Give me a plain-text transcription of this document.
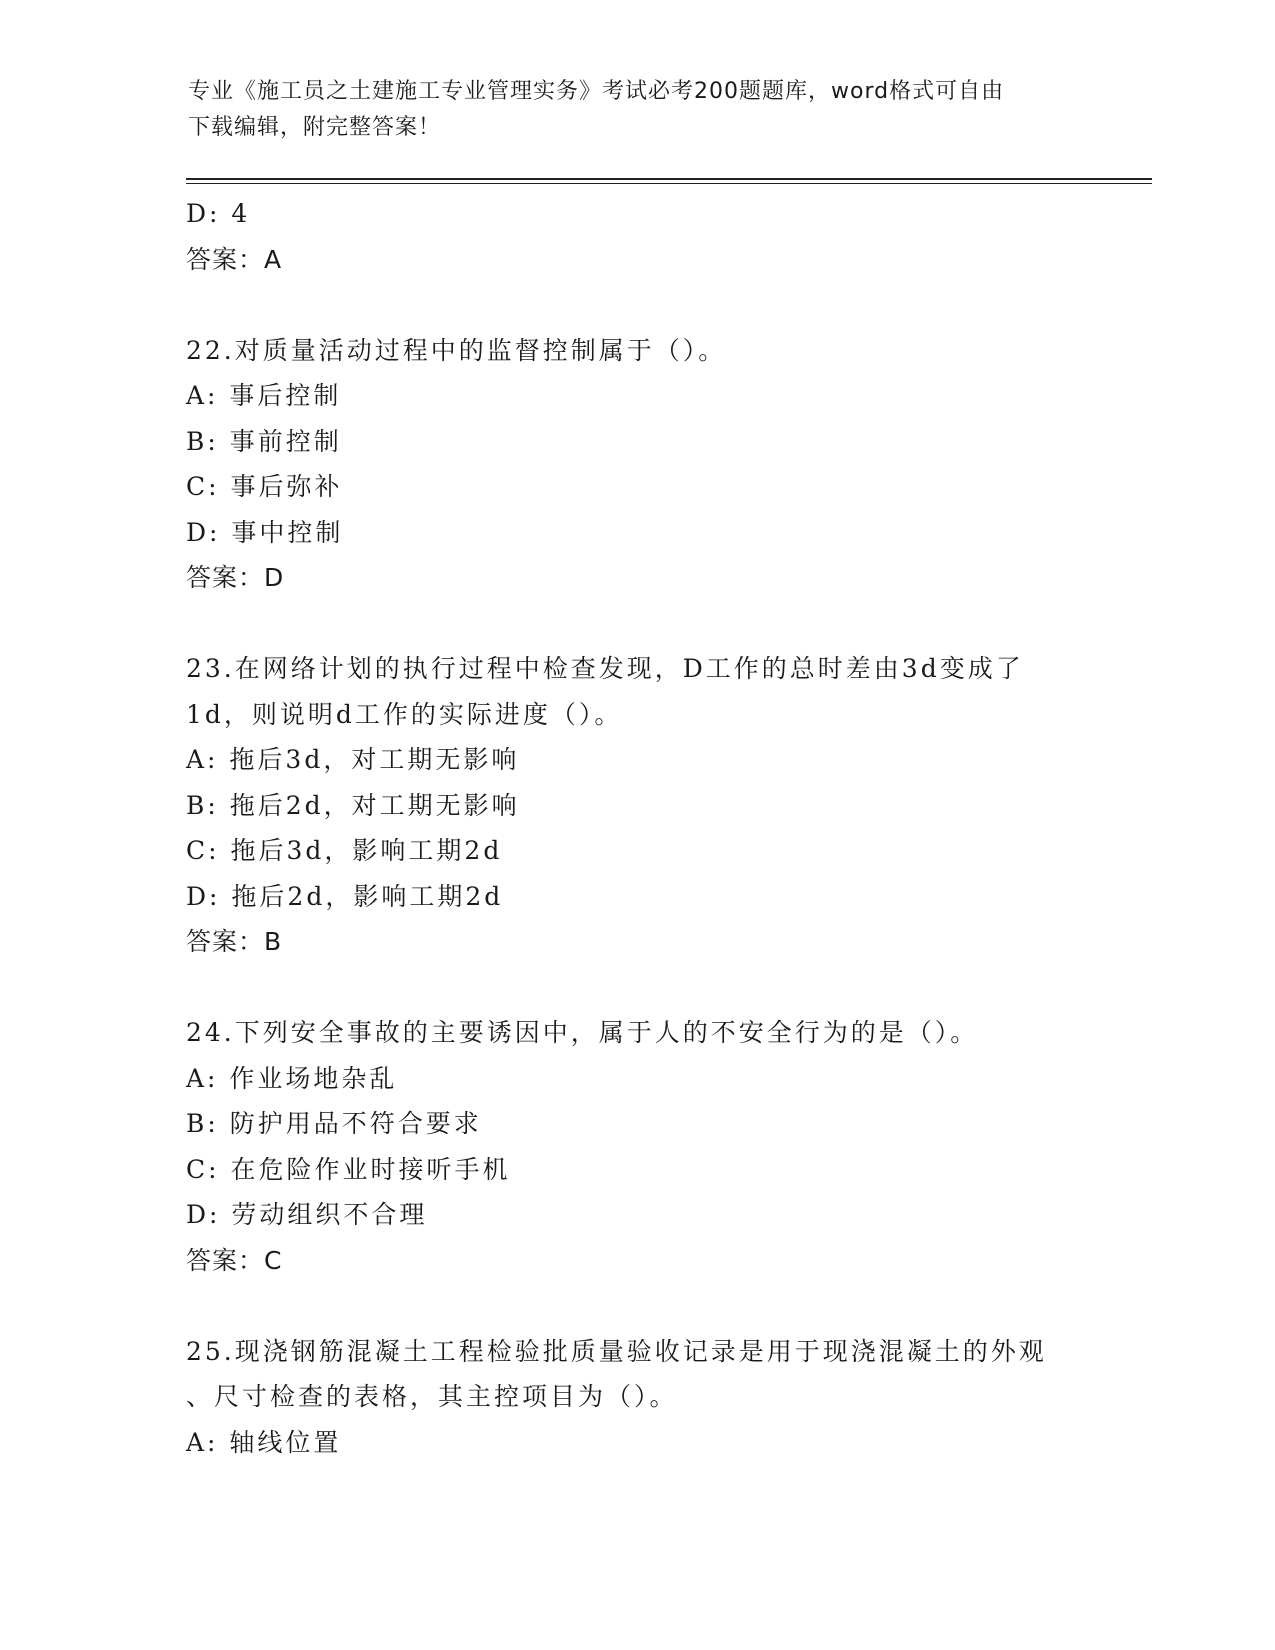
专业《施工员之土建施工专业管理实务》考试必考200题题库，word格式可自由
下载编辑，附完整答案！
D: 4
答案：A
22.对质量活动过程中的监督控制属于（）。
A: 事后控制
B: 事前控制
C: 事后弥补
D: 事中控制
答案：D
23.在网络计划的执行过程中检查发现，D工作的总时差由3d变成了
1d，则说明d工作的实际进度（）。
A: 拖后3d，对工期无影响
B: 拖后2d，对工期无影响
C: 拖后3d，影响工期2d
D: 拖后2d，影响工期2d
答案：B
24.下列安全事故的主要诱因中，属于人的不安全行为的是（）。
A: 作业场地杂乱
B: 防护用品不符合要求
C: 在危险作业时接听手机
D: 劳动组织不合理
答案：C
25.现浇钢筋混凝土工程检验批质量验收记录是用于现浇混凝土的外观
、尺寸检查的表格，其主控项目为（）。
A: 轴线位置
